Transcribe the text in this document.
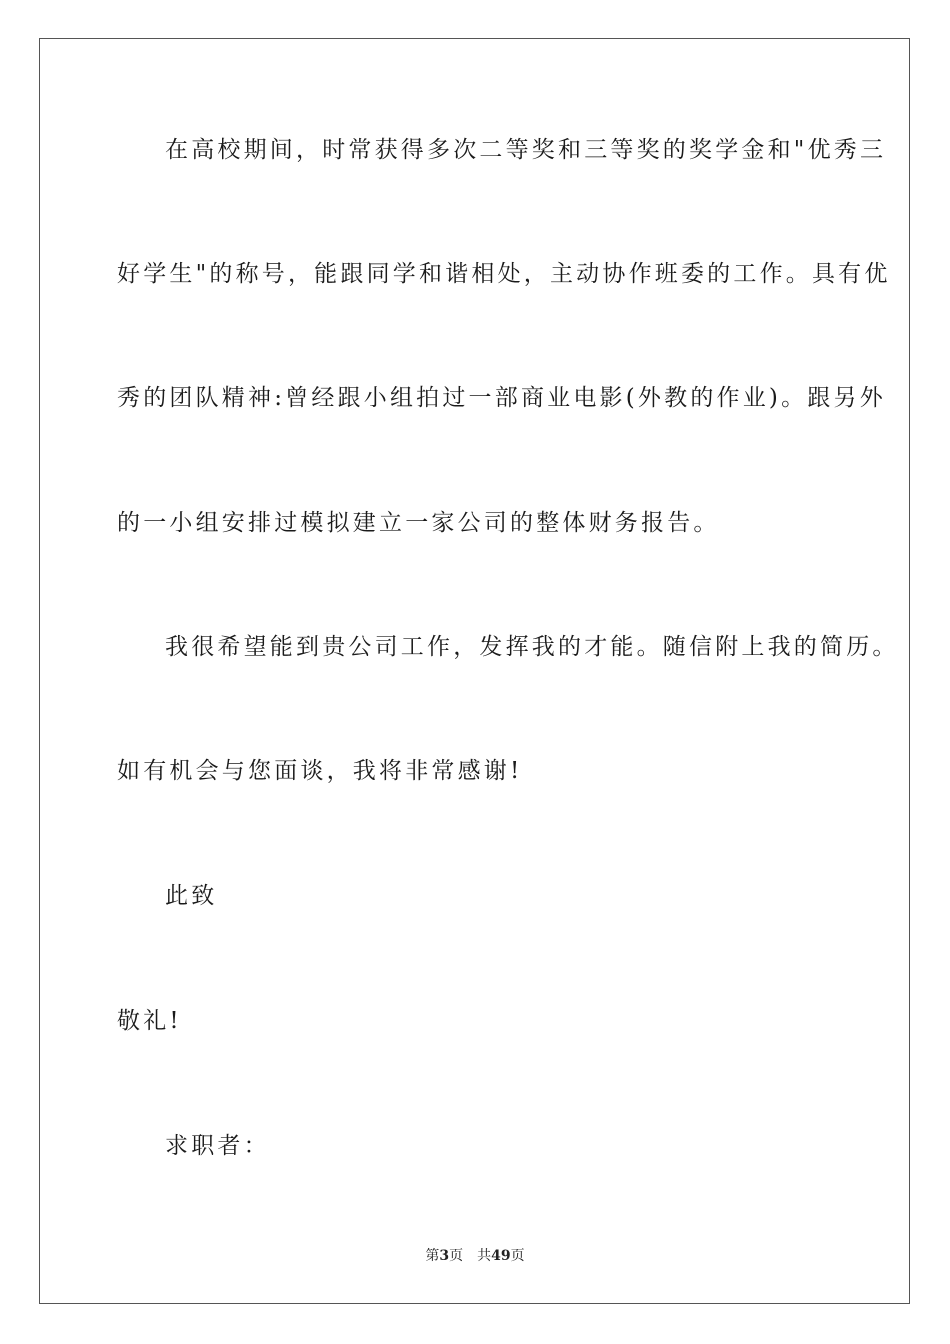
在高校期间，时常获得多次二等奖和三等奖的奖学金和"优秀三
好学生"的称号，能跟同学和谐相处，主动协作班委的工作。具有优
秀的团队精神:曾经跟小组拍过一部商业电影(外教的作业)。跟另外
的一小组安排过模拟建立一家公司的整体财务报告。
我很希望能到贵公司工作，发挥我的才能。随信附上我的简历。
如有机会与您面谈，我将非常感谢!
此致
敬礼!
求职者：
第3页 共49页
